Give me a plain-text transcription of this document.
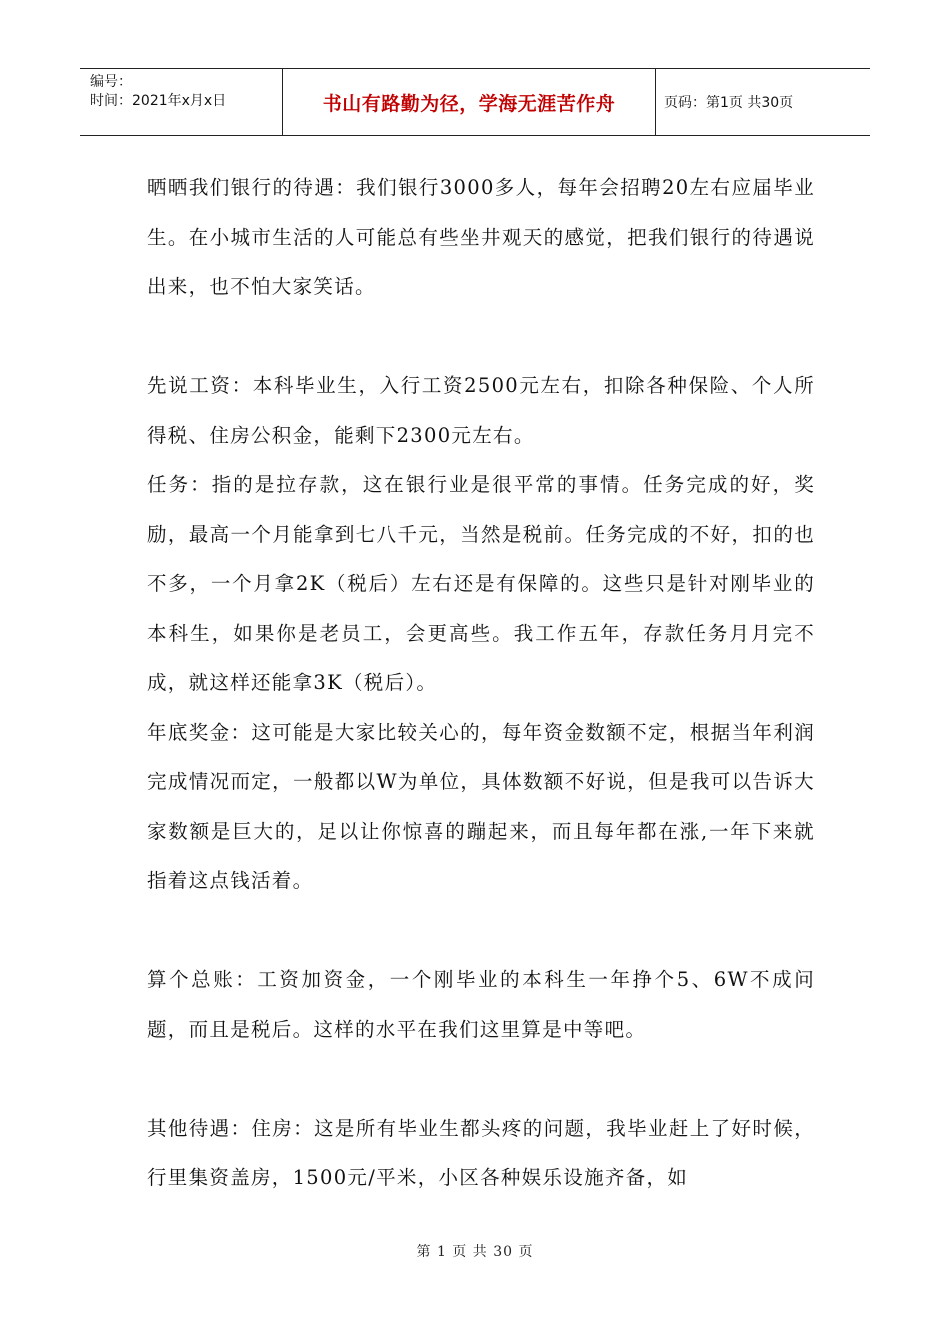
编号：
时间：2021年x月x日	书山有路勤为径，学海无涯苦作舟	页码：第1页 共30页

晒晒我们银行的待遇：我们银行3000多人，每年会招聘20左右应届毕业生。在小城市生活的人可能总有些坐井观天的感觉，把我们银行的待遇说出来，也不怕大家笑话。

先说工资：本科毕业生，入行工资2500元左右，扣除各种保险、个人所得税、住房公积金，能剩下2300元左右。

任务：指的是拉存款，这在银行业是很平常的事情。任务完成的好，奖励，最高一个月能拿到七八千元，当然是税前。任务完成的不好，扣的也不多，一个月拿2K（税后）左右还是有保障的。这些只是针对刚毕业的本科生，如果你是老员工，会更高些。我工作五年，存款任务月月完不成，就这样还能拿3K（税后）。

年底奖金：这可能是大家比较关心的，每年资金数额不定，根据当年利润完成情况而定，一般都以W为单位，具体数额不好说，但是我可以告诉大家数额是巨大的，足以让你惊喜的蹦起来，而且每年都在涨,一年下来就指着这点钱活着。

算个总账：工资加资金，一个刚毕业的本科生一年挣个5、6W不成问题，而且是税后。这样的水平在我们这里算是中等吧。

其他待遇：住房：这是所有毕业生都头疼的问题，我毕业赶上了好时候，行里集资盖房，1500元/平米，小区各种娱乐设施齐备，如

第 1 页 共 30 页
